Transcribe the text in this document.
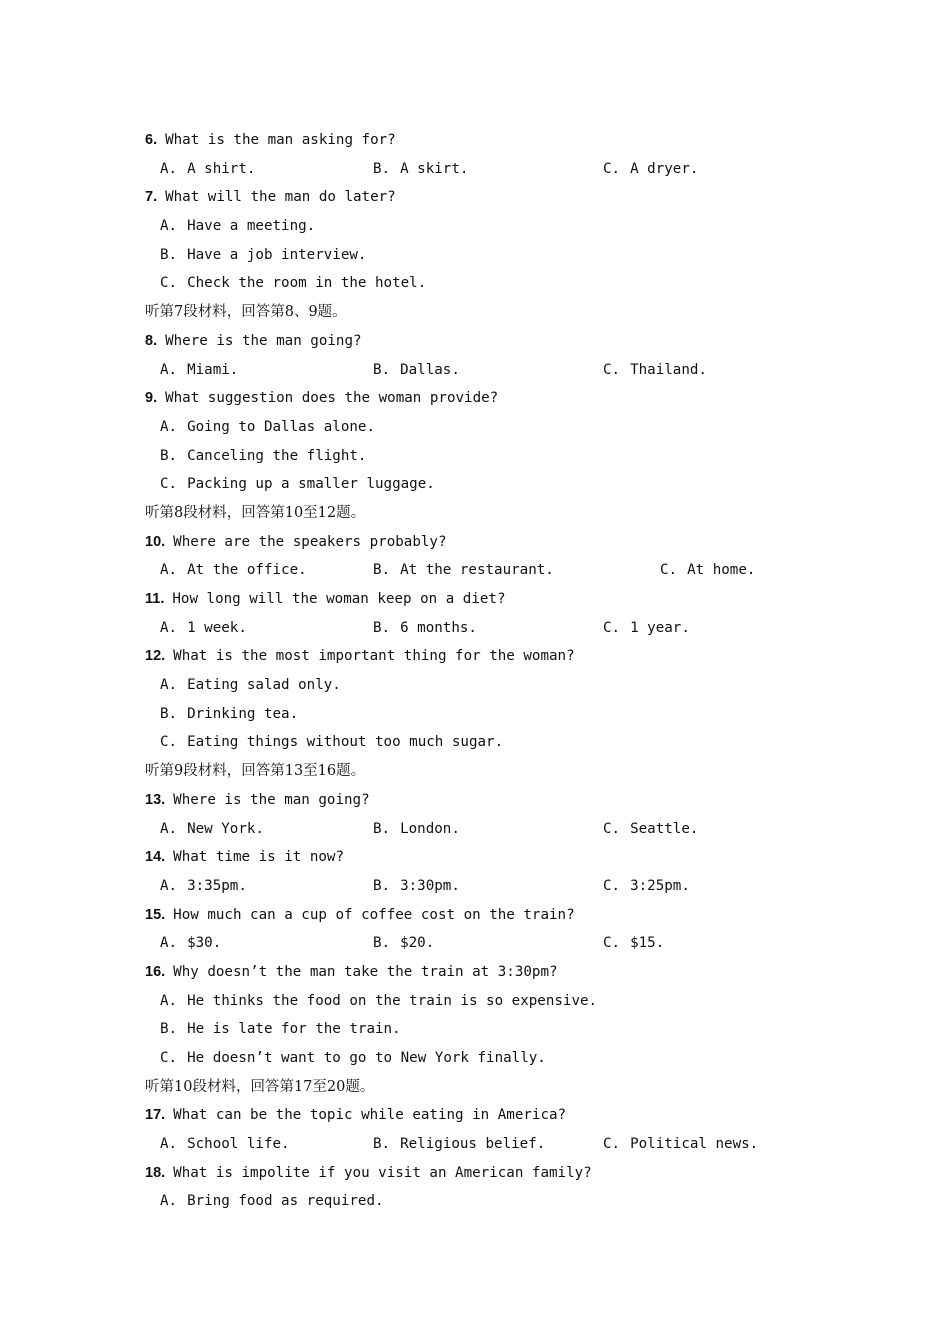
6. What is the man asking for?
A. A shirt.	B. A skirt.	C. A dryer.
7. What will the man do later?
A. Have a meeting.
B. Have a job interview.
C. Check the room in the hotel.
听第7段材料，回答第8、9题。
8. Where is the man going?
A. Miami.	B. Dallas.	C. Thailand.
9. What suggestion does the woman provide?
A. Going to Dallas alone.
B. Canceling the flight.
C. Packing up a smaller luggage.
听第8段材料，回答第10至12题。
10. Where are the speakers probably?
A. At the office.	B. At the restaurant.	C. At home.
11. How long will the woman keep on a diet?
A. 1 week.	B. 6 months.	C. 1 year.
12. What is the most important thing for the woman?
A. Eating salad only.
B. Drinking tea.
C. Eating things without too much sugar.
听第9段材料，回答第13至16题。
13. Where is the man going?
A. New York.	B. London.	C. Seattle.
14. What time is it now?
A. 3:35pm.	B. 3:30pm.	C. 3:25pm.
15. How much can a cup of coffee cost on the train?
A. $30.	B. $20.	C. $15.
16. Why doesn’t the man take the train at 3:30pm?
A. He thinks the food on the train is so expensive.
B. He is late for the train.
C. He doesn’t want to go to New York finally.
听第10段材料，回答第17至20题。
17. What can be the topic while eating in America?
A. School life.	B. Religious belief.	C. Political news.
18. What is impolite if you visit an American family?
A. Bring food as required.
